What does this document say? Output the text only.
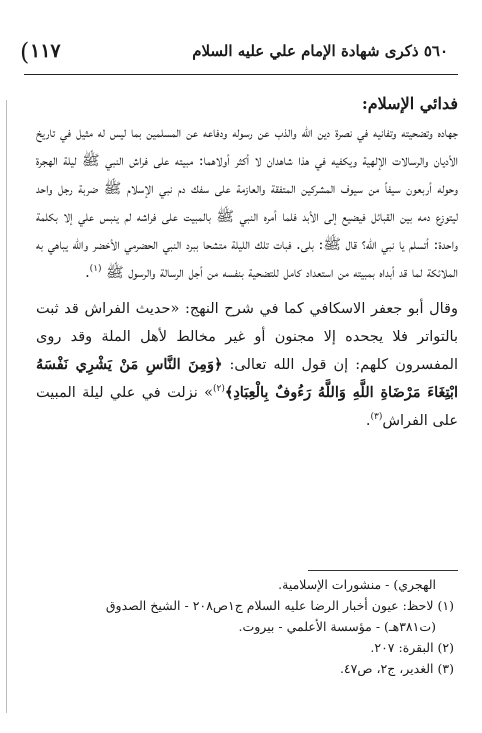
( ١١٧	٥٦٠ ذكرى شهادة الإمام علي عليه السلام

فدائي الإسلام:

جهاده وتضحيته وتفانيه في نصرة دين الله والذب عن رسوله ودفاعه عن المسلمين بما ليس له مثيل في تاريخ الأديان والرسالات الإلهية ويكفيه في هذا شاهدان لا أكثر أولاهما: مبيته على فراش النبي ﷺ ليلة الهجرة وحوله أربعون سيفاً من سيوف المشركين المتفقة والعازمة على سفك دم نبي الإسلام ﷺ ضربة رجل واحد ليتوزع دمه بين القبائل فيضيع إلى الأبد فلما أمره النبي ﷺ بالمبيت على فراشه لم ينبس علي إلا بكلمة واحدة: أتسلم يا نبي الله؟ قال ﷺ: بلى. فبات تلك الليلة متشحا ببرد النبي الحضرمي الأخضر والله يباهي به الملائكة لما قد أبداه بمبيته من استعداد كامل للتضحية بنفسه من أجل الرسالة والرسول ﷺ $^{(١)}$.

وقال أبو جعفر الاسكافي كما في شرح النهج: «حديث الفراش قد ثبت بالتواتر فلا يجحده إلا مجنون أو غير مخالط لأهل الملة وقد روى المفسرون كلهم: إن قول الله تعالى: ﴿وَمِنَ النَّاسِ مَنْ يَشْرِي نَفْسَهُ ابْتِغَاءَ مَرْضَاةِ اللَّهِ وَاللَّهُ رَءُوفٌ بِالْعِبَادِ﴾$^{(٢)}$» نزلت في علي ليلة المبيت على الفراش$^{(٣)}$.

الهجري) - منشورات الإسلامية.

(١) لاحظ: عيون أخبار الرضا عليه السلام ج١ص٢٠٨ - الشيخ الصدوق

(ت٣٨١هـ) - مؤسسة الأعلمي - بيروت.

(٢) البقرة: ٢٠٧.

(٣) الغدير، ج٢، ص٤٧.
